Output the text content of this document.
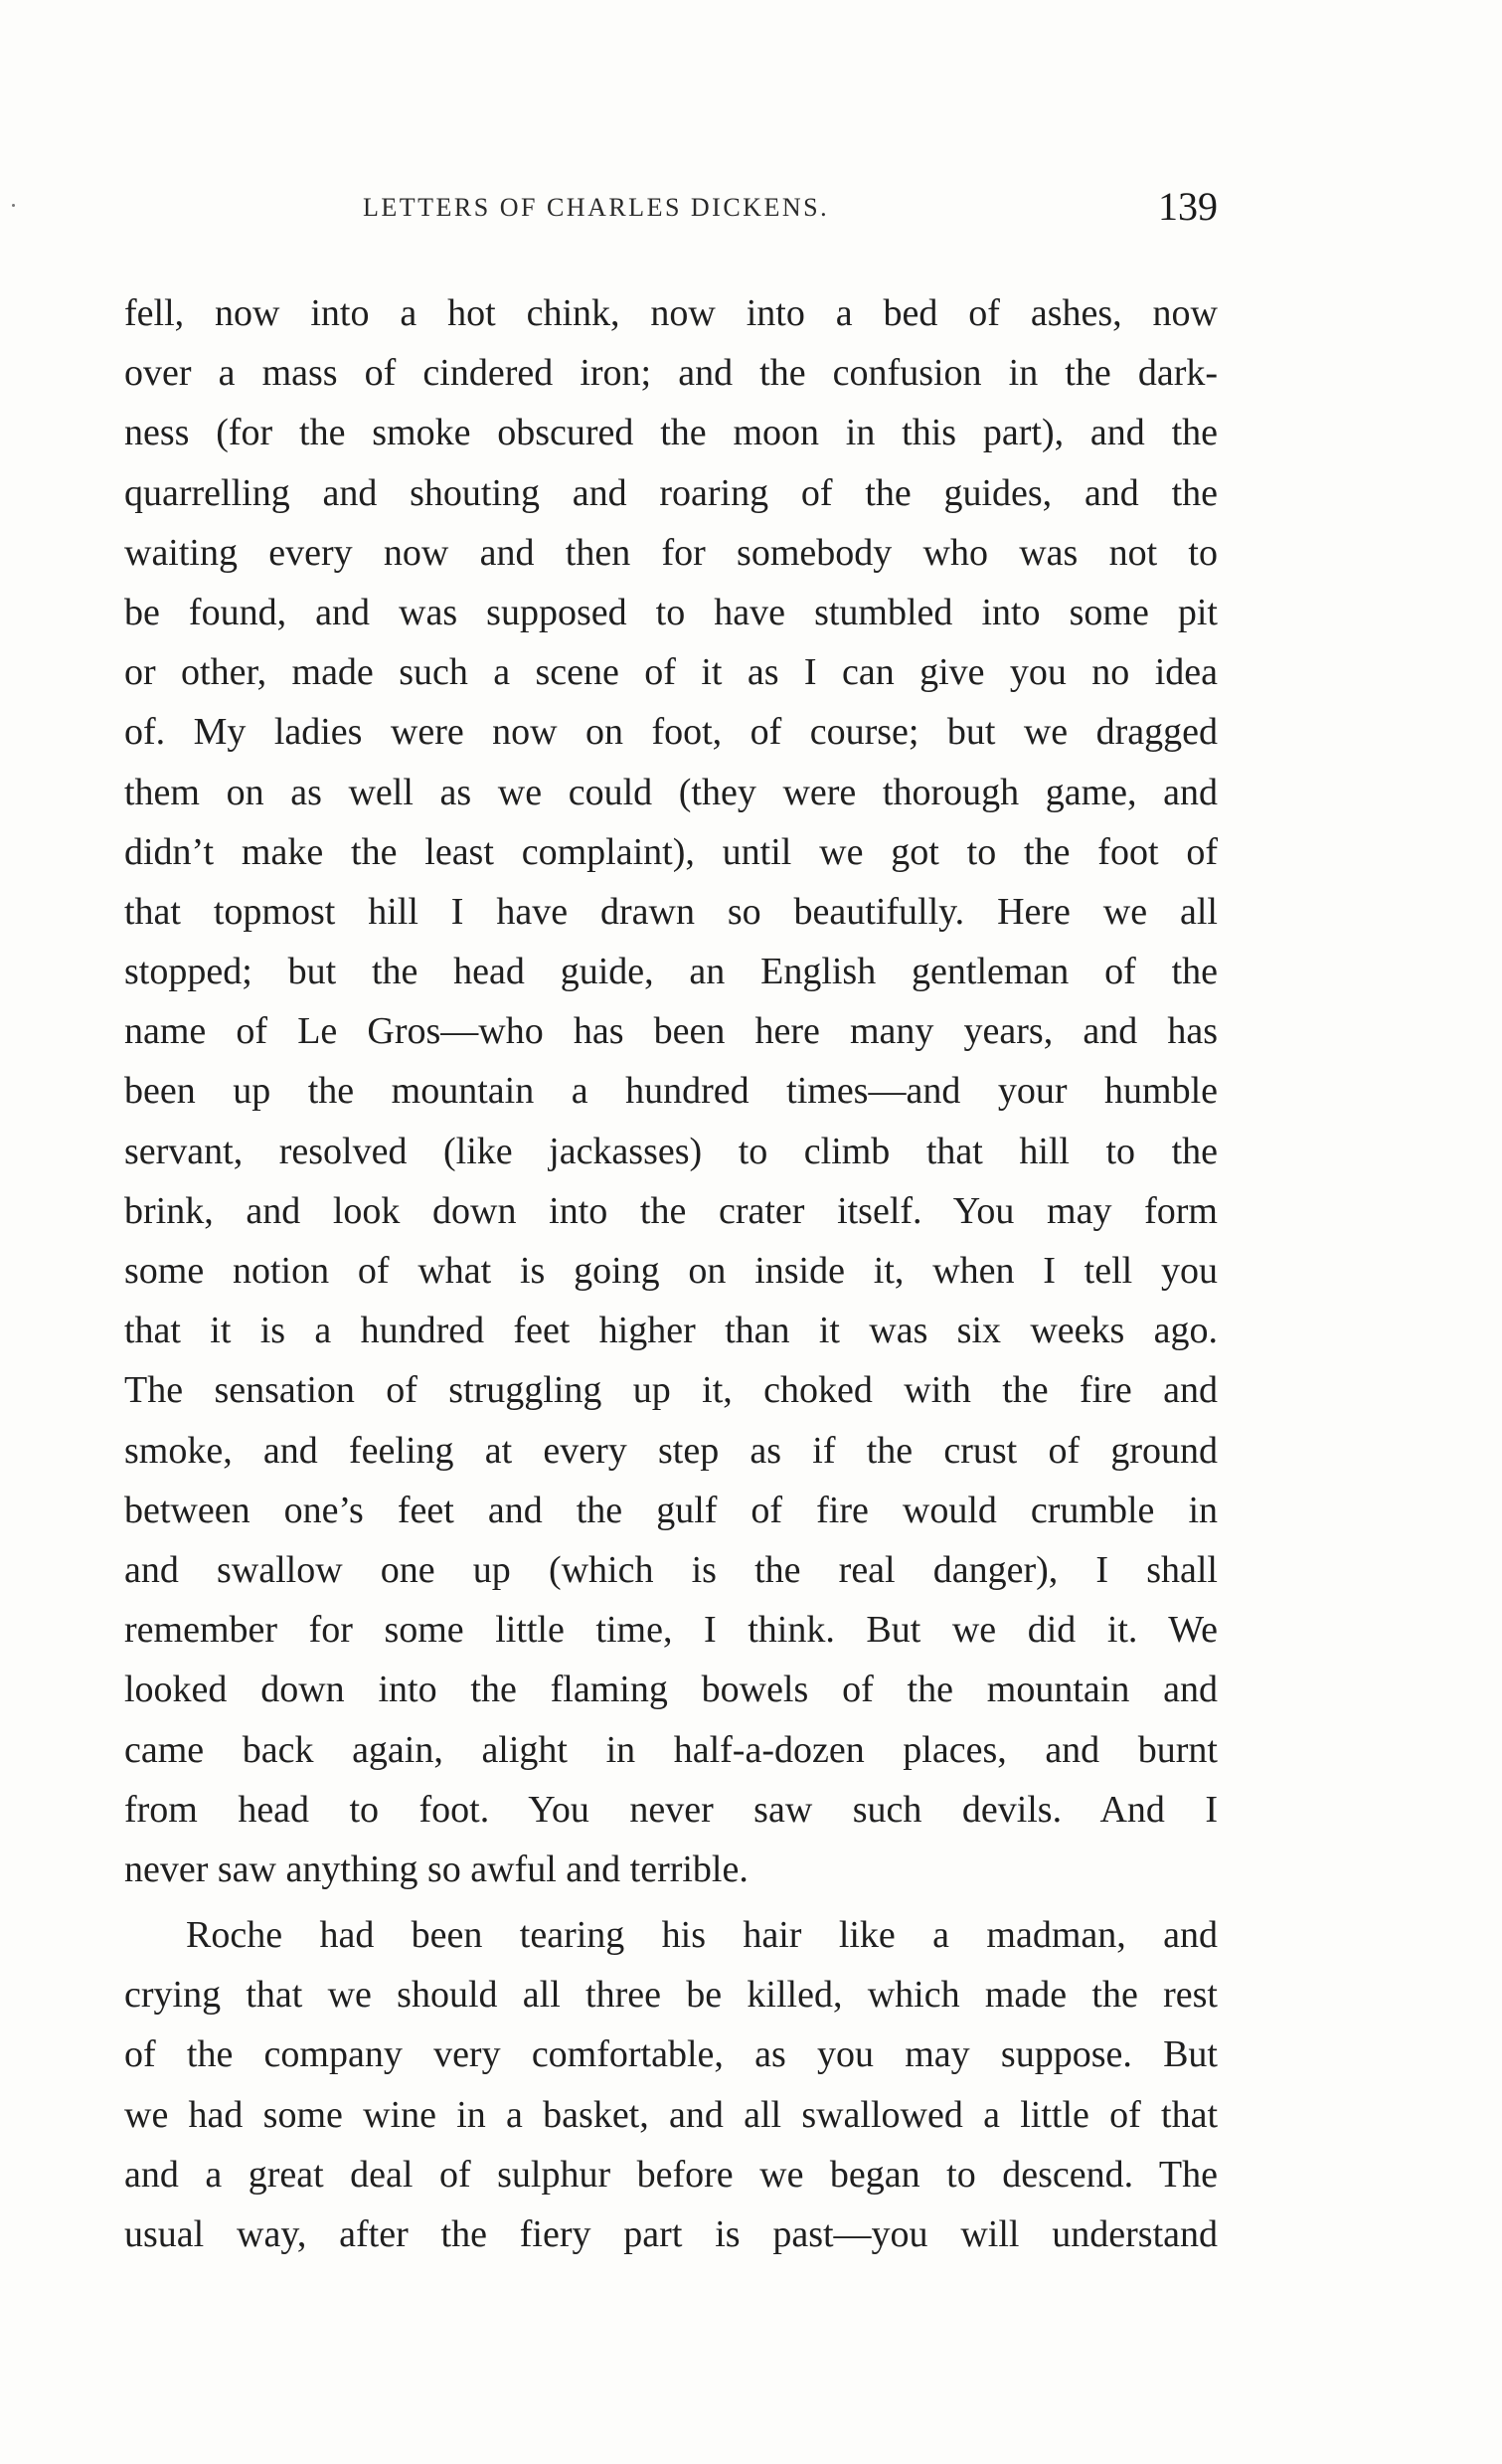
LETTERS OF CHARLES DICKENS.	139
fell, now into a hot chink, now into a bed of ashes, now
over a mass of cindered iron; and the confusion in the dark-
ness (for the smoke obscured the moon in this part), and the
quarrelling and shouting and roaring of the guides, and the
waiting every now and then for somebody who was not to
be found, and was supposed to have stumbled into some pit
or other, made such a scene of it as I can give you no idea
of. My ladies were now on foot, of course; but we dragged
them on as well as we could (they were thorough game, and
didn’t make the least complaint), until we got to the foot of
that topmost hill I have drawn so beautifully. Here we all
stopped; but the head guide, an English gentleman of the
name of Le Gros—who has been here many years, and has
been up the mountain a hundred times—and your humble
servant, resolved (like jackasses) to climb that hill to the
brink, and look down into the crater itself. You may form
some notion of what is going on inside it, when I tell you
that it is a hundred feet higher than it was six weeks ago.
The sensation of struggling up it, choked with the fire and
smoke, and feeling at every step as if the crust of ground
between one’s feet and the gulf of fire would crumble in
and swallow one up (which is the real danger), I shall
remember for some little time, I think. But we did it. We
looked down into the flaming bowels of the mountain and
came back again, alight in half-a-dozen places, and burnt
from head to foot. You never saw such devils. And I
never saw anything so awful and terrible.
Roche had been tearing his hair like a madman, and
crying that we should all three be killed, which made the rest
of the company very comfortable, as you may suppose. But
we had some wine in a basket, and all swallowed a little of that
and a great deal of sulphur before we began to descend. The
usual way, after the fiery part is past—you will understand
